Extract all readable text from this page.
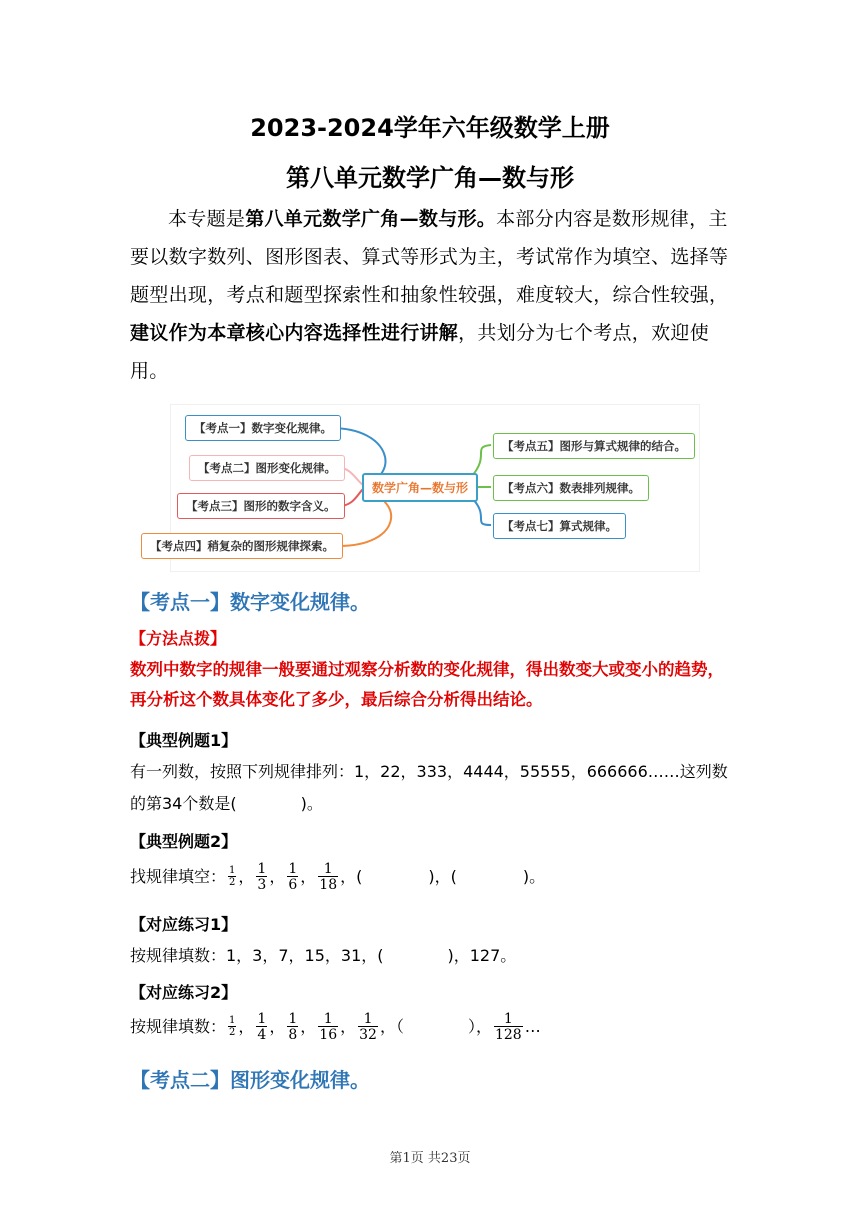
2023-2024学年六年级数学上册
第八单元数学广角—数与形

本专题是第八单元数学广角—数与形。本部分内容是数形规律，主要以数字数列、图形图表、算式等形式为主，考试常作为填空、选择等题型出现，考点和题型探索性和抽象性较强，难度较大，综合性较强，建议作为本章核心内容选择性进行讲解，共划分为七个考点，欢迎使用。

【考点一】数字变化规律。
【考点二】图形变化规律。
【考点三】图形的数字含义。
【考点四】稍复杂的图形规律探索。
数学广角—数与形
【考点五】图形与算式规律的结合。
【考点六】数表排列规律。
【考点七】算式规律。
【考点一】数字变化规律。
【方法点拨】
数列中数字的规律一般要通过观察分析数的变化规律，得出数变大或变小的趋势，再分析这个数具体变化了多少，最后综合分析得出结论。
【典型例题1】
有一列数，按照下列规律排列：1，22，333，4444，55555，666666……这列数
的第34个数是(　　　　)。
【典型例题2】
找规律填空： $\frac{1}{2}$ ， $\frac{1}{3}$ ， $\frac{1}{6}$ ， $\frac{1}{18}$ ，(	)，(	)。
【对应练习1】
按规律填数：1，3，7，15，31，(　　　　)，127。
【对应练习2】
按规律填数： $\frac{1}{2}$ ， $\frac{1}{4}$ ， $\frac{1}{8}$ ， $\frac{1}{16}$ ， $\frac{1}{32}$ ，（　　　　）， $\frac{1}{128}$ …
【考点二】图形变化规律。
第1页 共23页
